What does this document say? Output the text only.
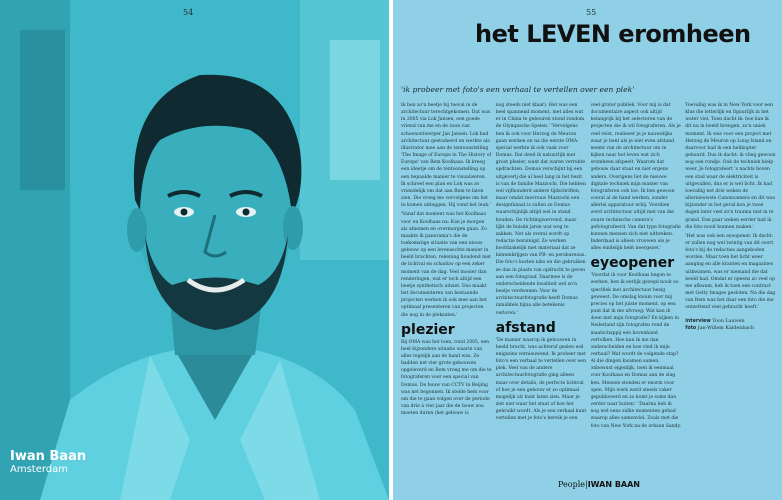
54
Iwan Baan
Amsterdam
55
het LEVEN eromheen
'ik probeer met foto's een verhaal te vertellen over een plek'

Ik ben zo'n beetje bij toeval in de architectuur terechtgekomen. Dat was in 2005 via Lok Jansen, een goede vriend van me en de zoon van schoenontwerper Jan Jansen. Lok had architectuur gestudeerd en werkte als illustrator mee aan de tentoonstelling 'The Image of Europe in The History of Europe' van Rem Koolhaas. Ik kreeg een ideetje om de tentoonstelling op een bepaalde manier te visualiseren. Ik schreef een plan en Lok was zo vriendelijk om dat aan Rem te laten zien. Die vroeg me vervolgens om het te komen uitleggen. Hij vond het leuk.'

'Vanaf dat moment was het Koolhaas voor en Koolhaas na: Kan je morgen als afnemen en overmorgen gaan. Zo maakte ik panorama's die de toekomstige situatie van een nieuw gebouw op een levensechte manier in beeld brachten, rekening houdend met de lichtval en schaduw op een zeker moment van de dag. Veel mooier dan renderingen, wat er toch altijd een beetje synthetisch uitziet. Dus maakt het documenteren van bestaande projecten werken ik ook mee aan het optimaal presenteren van projecten die nog in de plekzaten.'

plezier

Bij OMA was het toen, rond 2005, een heel bijzondere situatie waarin van alles tegelijk aan de hand was. Ze hadden net vier grote gebouwen opgeleverd en Rem vroeg me om die te fotograferen voor een special van Domus. De bouw van CCTV in Beijing was net begonnen. Ik stelde hem voor om die te gaan volgen over de periode van drie à vier jaar die de bouw zou moeten duren (het gebouw is

nog steeds niet klaar). Het was een heel spannend moment, met alles wat er in China te gebeuren stond rondom de Olympische Spelen.' 'Vervolgens ben ik ook voor Herzog de Meuron gaan werken en na die eerste OMA-special werkte ik ook vaak voor Domus. Dat deed ik natuurlijk met groot plezier, want dat waren verrukte opdrachten. Domus verschijnt bij een uitgeverij die al heel lang in het bezit is van de familie Mazzochi. Die hebben wel vijfhonderd andere tijdschriften, maar omdat mevrouw Mazzochi een designfanaat is zullen ze Domus waarschijnlijk altijd wel in stand houden. De richtingwervend, maar lijkt de buisde jaren wat weg te zakken. Net als overal wordt op redactie bezuinigd. Ze werken hoofdzakelijk met materiaal dat ze binnenkrijgen van PR- en persbureaus. Die foto's kosten niks en die gebruiken ze dan in plaats van opdracht te geven aan een fotograaf. Daarmee is de onderscheidende kwaliteit wel zo'n beetje verdwenen. Voor de architectuurfotografie heeft Domus inmiddels bijna alle betekenis verloren.'

afstand

'De manier waarop ik gebouwen in beeld bracht, was achteraf gezien wel enigszins vernieuwend. Ik probeer met foto's een verhaal te vertellen over een plek. Veel van de andere architectuurfotografie ging alleen maar over details, de perfecte lichtval of hoe je een gebouw er zo optimaal mogelijk uit kunt laten zien. Maar je ziet niet waar het staat of hoe het gebruikt wordt. Als je een verhaal kunt vertellen met je foto's bereik je een

veel groter publiek. Voor mij is dat documentaire aspect ook altijd belangrijk bij het selecteren van de projecten die ik wil fotograferen. Als je veel reist, realiseer je je nauwelijks waar je bent als je niet even afstand neemt van de architectuur om te kijken naar het leven wat zich eromheen afspeelt. Waarom dat gebouw daar staat en niet ergens anders. Overigens liet de nieuwe digitale techniek mijn manier van fotograferen ook toe. Ik ben gewoon vooral al de hand werken, zonder allerlei apparatuur erbij. Voordien werd architectuur altijd met van die zware technische camera's gefotografeerd. Van dat type fotografie kunnen mensen zich niet uitbreken. Inderdaad is alleen vrouwen als je alles eindelijk hebt neergezet.'

eyeopener

'Voordat ik voor Koolhaas begon te werken, ben ik eerlijk gezegd nooit zo specifiek met architectuur bezig geweest. De omslag kwam voor mij precies op het juiste moment, op een punt dat ik me afvroeg: Wat kan ik doen met mijn fotografie? En kijken in Nederland zijn fotografen rond de maatschappij een bovenhand vertolken. Hoe kan ik me dan onderscheiden en hoe vind ik mijn verhaal? Wat wordt de volgende stap? Al die dingen kwamen samen, onbewust eigenlijk, toen ik eenmaal voor Koolhaas en Domus aan de slag ben. Mensen stonden er enorm voor open. Mijn werk werd steeds vaker gepubliceerd en zo komt je soms dan verder naar buiten.' 'Daarna heb ik nog wel eens zulke momenten gehad waarop alles samenviel. Zoals met die foto van New York na de orkaan Sandy.

Toevallig was ik in New York voor een klus die letterlijk en figuurlijk in het water viel. Toen dacht ik: hoe kan ik dit nu in beeld brengen, zo'n uniek moment. Ik was voor een project met Herzog de Meuron op Long Island en daarvoor had ik een helikopter gehuurd. Dus ik dacht: ik vlieg gewoon nog een rondje. Ook de techniek hielp weer. Je fotografeert 's nachts boven een stad waar de elektriciteit is uitgevallen, dus er is wel licht. Ik had toevallig net drie weken de allernieuwste Canoncamera en dit was bijzonder in het geval kon je twee dagen later veel zo'n trauma niet in te grand. Een paar weken eerder had ik die foto nooit kunnen maken.'

'Het was ook een eyeopener. Ik dacht: er zullen nog wel twintig van dit soort foto's bij de redacties aangeboden worden. Maar toen het licht weer aanging en alle kranten en magazines uitkwamen, was er niemand die dat beeld had. Omdat er opeens zo veel op me afkwam, heb ik toen een contract met Getty Images gesloten. Na die dag van Rem was het daar een foto die me ontzettend veel gebracht heeft.'

interview Toon Lauwen
foto Jan-Willem Kaldenbach
People|IWAN BAAN
